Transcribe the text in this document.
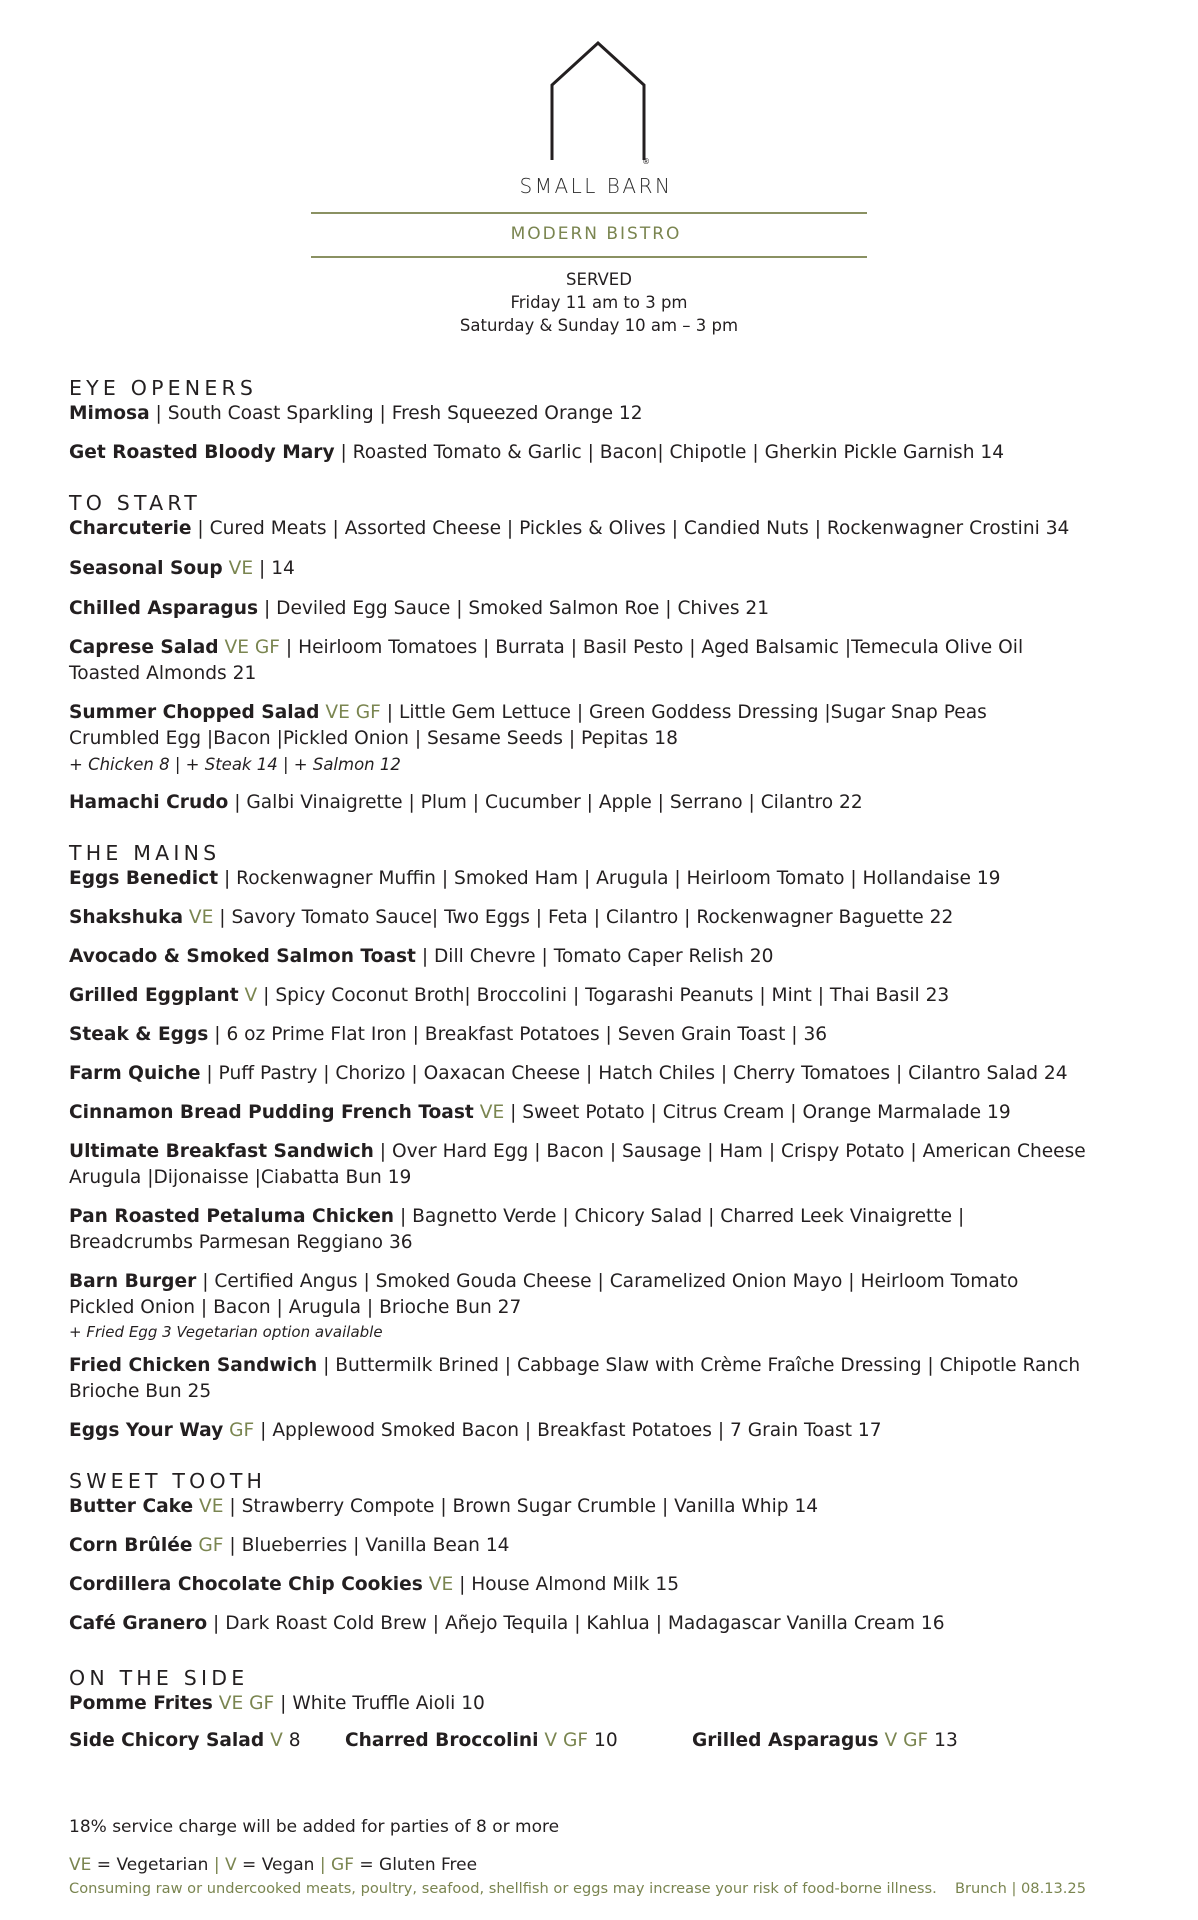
®
SMALL BARN
MODERN BISTRO
SERVED
Friday 11 am to 3 pm
Saturday & Sunday 10 am – 3 pm
EYE OPENERS

Mimosa | South Coast Sparkling | Fresh Squeezed Orange 12

Get Roasted Bloody Mary | Roasted Tomato & Garlic | Bacon| Chipotle | Gherkin Pickle Garnish 14

TO START

Charcuterie | Cured Meats | Assorted Cheese | Pickles & Olives | Candied Nuts | Rockenwagner Crostini 34

Seasonal Soup VE | 14

Chilled Asparagus | Deviled Egg Sauce | Smoked Salmon Roe | Chives 21

Caprese Salad VE GF | Heirloom Tomatoes | Burrata | Basil Pesto | Aged Balsamic |Temecula Olive Oil

Toasted Almonds 21

Summer Chopped Salad VE GF | Little Gem Lettuce | Green Goddess Dressing |Sugar Snap Peas

Crumbled Egg |Bacon |Pickled Onion | Sesame Seeds | Pepitas 18

+ Chicken 8 | + Steak 14 | + Salmon 12

Hamachi Crudo | Galbi Vinaigrette | Plum | Cucumber | Apple | Serrano | Cilantro 22

THE MAINS

Eggs Benedict | Rockenwagner Muffin | Smoked Ham | Arugula | Heirloom Tomato | Hollandaise 19

Shakshuka VE | Savory Tomato Sauce| Two Eggs | Feta | Cilantro | Rockenwagner Baguette 22

Avocado & Smoked Salmon Toast | Dill Chevre | Tomato Caper Relish 20

Grilled Eggplant V | Spicy Coconut Broth| Broccolini | Togarashi Peanuts | Mint | Thai Basil 23

Steak & Eggs | 6 oz Prime Flat Iron | Breakfast Potatoes | Seven Grain Toast | 36

Farm Quiche | Puff Pastry | Chorizo | Oaxacan Cheese | Hatch Chiles | Cherry Tomatoes | Cilantro Salad 24

Cinnamon Bread Pudding French Toast VE | Sweet Potato | Citrus Cream | Orange Marmalade 19

Ultimate Breakfast Sandwich | Over Hard Egg | Bacon | Sausage | Ham | Crispy Potato | American Cheese

Arugula |Dijonaisse |Ciabatta Bun 19

Pan Roasted Petaluma Chicken | Bagnetto Verde | Chicory Salad | Charred Leek Vinaigrette |

Breadcrumbs Parmesan Reggiano 36

Barn Burger | Certified Angus | Smoked Gouda Cheese | Caramelized Onion Mayo | Heirloom Tomato

Pickled Onion | Bacon | Arugula | Brioche Bun 27

+ Fried Egg 3 Vegetarian option available

Fried Chicken Sandwich | Buttermilk Brined | Cabbage Slaw with Crème Fraîche Dressing | Chipotle Ranch

Brioche Bun 25

Eggs Your Way GF | Applewood Smoked Bacon | Breakfast Potatoes | 7 Grain Toast 17

SWEET TOOTH

Butter Cake VE | Strawberry Compote | Brown Sugar Crumble | Vanilla Whip 14

Corn Brûlée GF | Blueberries | Vanilla Bean 14

Cordillera Chocolate Chip Cookies VE | House Almond Milk 15

Café Granero | Dark Roast Cold Brew | Añejo Tequila | Kahlua | Madagascar Vanilla Cream 16

ON THE SIDE

Pomme Frites VE GF | White Truffle Aioli 10

Side Chicory Salad V 8 Charred Broccolini V GF 10	Grilled Asparagus V GF 13
18% service charge will be added for parties of 8 or more
VE = Vegetarian | V = Vegan | GF = Gluten Free
Consuming raw or undercooked meats, poultry, seafood, shellfish or eggs may increase your risk of food-borne illness. Brunch | 08.13.25
